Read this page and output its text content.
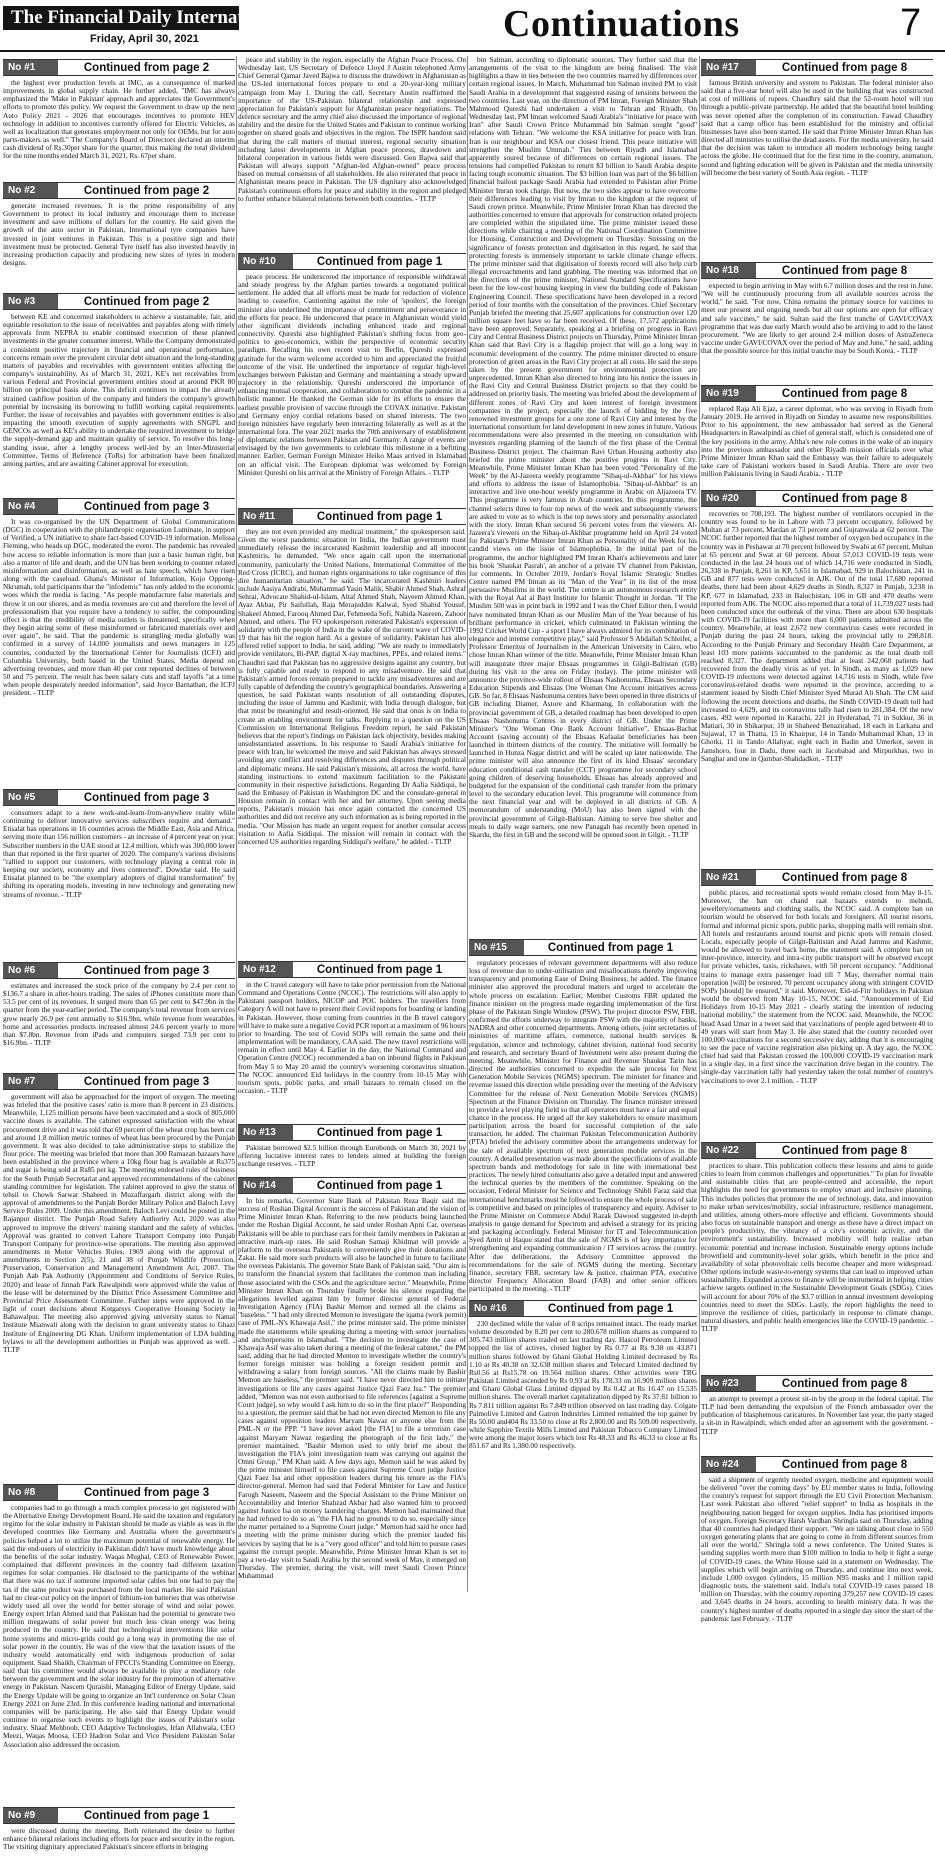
The Financial Daily International
Friday, April 30, 2021	Continuations	7
No #1	Continued from page 2
the highest ever production levels at IMC, as a consequence of marked improvements in global supply chain. He further added, "IMC has always emphasized the 'Make in Pakistan' approach and appreciates the Government's efforts to promote this policy. We request the Government to draw up the next Auto Policy 2021 - 2026 that encourages incentives to promote HEV technology in addition to incentives currently offered for Electric Vehicles, as well as localization that generates employment not only for OEMs, but for auto parts-makers as well." The Company's Board of Directors declared an interim cash dividend of Rs.30per share for the quarter, thus making the total dividend for the nine months ended March 31, 2021, Rs. 67per share.
No #2	Continued from page 2
generate increased revenues. It is the prime responsibility of any Government to protect its local industry and encourage them to increase investment and save millions of dollars for the country. He said given the growth of the auto sector in Pakistan, International tyre companies have invested in joint ventures in Pakistan. This is a positive sign and their investment must be protected. General Tyre itself has also invested heavily in increasing production capacity and producing new sizes of tyres in modern designs.
No #3	Continued from page 2
between KE and concerned stakeholders to achieve a sustainable, fair, and equitable resolution to the issue of receivables and payables along with timely approvals from NEPRA to enable continued execution of these planned investments in the greater consumer interest. While the Company demonstrated a consistent positive trajectory in financial and operational performance, concerns remain over the prevalent circular debt situation and the long-standing matters of payables and receivables with government entities affecting the company's sustainability. As of March 31, 2021, KE's net receivables from various Federal and Provincial government entities stood at around PKR 80 billion on principal basis alone. This deficit continues to impact the already strained cashflow position of the company and hinders the company's growth potential by increasing its borrowing to fulfill working capital requirements. Further, the issue of receivables and payables with government entities is also impacting the smooth execution of supply agreements with SNGPL and GENCOs as well as KE's ability to undertake the required investment to bridge the supply-demand gap and maintain quality of service. To resolve this long-standing issue, after a lengthy process well-led by an Inter-Ministerial Committee, Terms of Reference (ToRs) for arbitration have been finalized among parties, and are awaiting Cabinet approval for execution.
No #4	Continued from page 3
It was co-organised by the UN Department of Global Communications (DGC) in cooperation with the philanthropic organisation Luminate, in support of Verified, a UN initiative to share fact-based COVID-19 information. Melissa Fleming, who heads up DGC, moderated the event. The pandemic has revealed how access to reliable information is more than just a basic human right, but also a matter of life and death, and the UN has been working to counter related misinformation and disinformation, as well as hate speech, which have risen along with the caseload. Ghana's Minister of Information, Kojo Oppong-Nkrumah, told participants that the "infodemic" has only added to the economic woes which the media is facing. "As people manufacture false materials and throw it on our shores, and as media revenues are cut and therefore the level of professionalism that you require have a tendency to suffer, the compounding effect is that the credibility of media outlets is threatened, specifically when they begin airing some of these misinformed or fabricated materials over and over again", he said. That the pandemic is strangling media globally was confirmed in a survey of 14,000 journalists and news managers in 125 countries, conducted by the International Center for Journalists (ICFJ) and Columbia University, both based in the United States. Media depend on advertising revenues, and more than 40 per cent reported declines of between 50 and 75 percent. The result has been salary cuts and staff layoffs "at a time when people desperately needed information", said Joyce Barnathan, the ICFJ president. - TLTP
No #5	Continued from page 3
consumers adapt to a new work-and-learn-from-anywhere reality while continuing to deliver innovative services subscribers require and demand." Etisalat has operations in 16 countries across the Middle East, Asia and Africa, serving more than 156 million customers - an increase of 4 percent year on year. Subscriber numbers in the UAE stood at 12.4 million, which was 300,000 lower than that reported in the first quarter of 2020. The company's various divisions "rallied to support our customers, with technology playing a central role in keeping our society, economy and lives connected", Dowidar said. He said Etisalat planned to be "the exemplary adopters of digital transformation" by shifting its operating models, investing in new technology and generating new streams of revenue. - TLTP
No #6	Continued from page 3
estimates and increased the stock price of the company by 2.4 per cent to $136.7 a share in after-hours trading. The sales of iPhones constitute more than 53.5 per cent of its revenues. It surged more than 65 per cent to $47.9bn in the quarter from the year-earlier period. The company's total revenue from services grew nearly 26.9 per cent annually to $16.9bn, while revenue from wearables, home and accessories products increased almost 24.6 percent yearly to more than $7.8bn. Revenue from iPads and computers surged 73.9 per cent to $16.9bn. - TLTP
No #7	Continued from page 3
government will also be approached for the import of oxygen. The meeting was briefed that the positive cases' ratio is more than 8 percent in 23 districts. Meanwhile, 1,125 million persons have been vaccinated and a stock of 805,000 vaccine doses is available. The cabinet expressed satisfaction with the wheat procurement drive and it was told that 69 percent of the wheat crop has been cut and around 1.8 million metric tonnes of wheat has been procured by the Punjab government. It was also decided to take administrative steps to stabilize the flour price. The meeting was briefed that more than 300 Ramazan bazaars have been established in the province where a 10kg flour bag is available at Rs375 and sugar is being sold at Rs85 per kg. The meeting endorsed rules of business for the South Punjab Secretariat and approved recommendations of the cabinet standing committee for legislation. The cabinet approved to give the status of tehsil to Chowk Sarwar Shaheed in Muzaffargarh district along with the approval of amendments to the Punjab Border Military Police and Baloch Levy Service Rules 2009. Under this amendment, Baloch Levi could be posted in the Rajanpur district. The Punjab Road Safety Authority Act, 2020 was also approved to improve the drivers' training standard and the safety of vehicles. Approval was granted to convert Lahore Transport Company into Punjab Transport Company for province-wise operations. The meeting also approved amendments in Motor Vehicles Rules, 1969 along with the approval of amendments in Section 2(5), 21 and 38 of Punjab Wildlife (Protection, Preservation, Conservation and Management) Amendment Act, 2007. The Punjab Aab Pak Authority (Appointment and Conditions of Service Rules, 2020) and lease of Jinnah Park Rawalpindi were approved while the value of the lease will be determined by the District Price Assessment Committee and Provincial Price Assessment Committee. Further steps were approved in the light of court decisions about Kotgarsys Cooperative Housing Society in Bahawalpur. The meeting also approved giving university status to Namal Institute Mianwali along with the decision to grant university status to Ghazi Institute of Engineering DG Khan. Uniform implementation of LDA building bylaws to all the development authorities in Punjab was approved as well. - TLTP
No #8	Continued from page 3
companies had to go through a much complex process to get registered with the Alternative Energy Development Board. He said the taxation and regulatory regime for the solar industry in Pakistan should be made as viable as was in the developed countries like Germany and Australia where the government's policies helped a lot to utilize the maximum potential of renewable energy. He said the end-users of electricity in Pakistan didn't have much knowledge about the benefits of the solar industry. Waqas Mughal, CEO of Renewable Power, complained that different provinces in the country had different taxation regimes for solar companies. He disclosed to the participants of the webinar that there was no tax if someone imported solar cables but one had to pay the tax if the same product was purchased from the local market. He said Pakistan had no clear-cut policy on the import of lithium-ion batteries that was otherwise widely used all over the world for better storage of wind and solar power. Energy expert Irfan Ahmed said that Pakistan had the potential to generate two million megawatts of solar power but much less clean energy was being produced in the country. He said that technological interventions like solar home systems and micro-grids could go a long way in promoting the use of solar power in the country. He was of the view that the taxation issues of the industry would automatically end with indigenous production of solar equipment. Saad Shaikh, Chairman of FPCCI's Standing Committee on Energy, said that his committee would always be available to play a mediatory role between the government and the solar industry for the promotion of alternative energy in Pakistan. Nascem Quraishi, Managing Editor of Energy Update, said the Energy Update will be going to organize an Int'l conference on Solar Clean Energy 2021 on June 23rd. In this conference leading national and international companies will be participating. He also said that Energy Update would continue to organise such events to highlight the issues of Pakistan's solar industry. Shaaf Mehboob, CEO Adaptive Technologies, Irfan Allahwala, CEO Meezi, Waqas Moosa, CEO Hadron Solar and Vice President Pakistan Solar Association also addressed the occasion.
No #9	Continued from page 1
were discussed during the meeting. Both reiterated the desire to further enhance bilateral relations including efforts for peace and security in the region. The visiting dignitary appreciated Pakistan's sincere efforts in bringing
peace and stability in the region, especially the Afghan Peace Process. On Wednesday last, US Secretary of Defence Lloyd J Austin telephoned Army Chief General Qamar Javed Bajwa to discuss the drawdown in Afghanistan as the US-led international forces prepare to end a 20-year-long military campaign from May 1. During the call, Secretary Austin reaffirmed the importance of the US-Pakistan bilateral relationship and expressed appreciation for Pakistan's support for Afghanistan peace negotiations. The defence secretary and the army chief also discussed the importance of regional stability and the desire for the United States and Pakistan to continue working together on shared goals and objectives in the region. The ISPR handout said that during the call matters of mutual interest, regional security situation including latest developments in Afghan peace process, drawdown and bilateral cooperation in various fields were discussed. Gen Bajwa said that Pakistan will always support "Afghan-led Afghan-owned" peace process based on mutual consensus of all stakeholders. He also reiterated that peace in Afghanistan means peace in Pakistan. The US dignitary also acknowledged Pakistan's continuous efforts for peace and stability in the region and pledged to further enhance bilateral relations between both countries. - TLTP
No #10	Continued from page 1
peace process. He underscored the importance of responsible withdrawal and steady progress by the Afghan parties towards a negotiated political settlement. He added that all efforts must be made for reduction of violence leading to ceasefire. Cautioning against the role of 'spoilers', the foreign minister also underlined the importance of commitment and perseverance in the efforts for peace. He underscored that peace in Afghanistan would yield other significant dividends including enhanced trade and regional connectivity. Qureshi also highlighted Pakistan's shifting focus from geo-politics to geo-economics, within the perspective of economic security paradigm. Recalling his own recent visit to Berlin, Qureshi expressed gratitude for the warm welcome accorded to him and appreciated the fruitful outcome of the visit. He underlined the importance of regular high-level exchanges between Pakistan and Germany and maintaining a steady upward trajectory in the relationship. Qureshi underscored the importance of enhancing mutual cooperation, and collaboration to combat the pandemic in a holistic manner. He thanked the German side for its efforts to ensure the earliest possible provision of vaccine through the COVAX initiative. Pakistan and Germany enjoy cordial relations based on shared interests. The two foreign ministers have regularly been interacting bilaterally as well as at the international fora. The year 2021 marks the 70th anniversary of establishment of diplomatic relations between Pakistan and Germany. A range of events are envisaged by the two governments to celebrate this milestone in a befitting manner. Earlier, German Foreign Minister Heiko Maas arrived in Islamabad on an official visit. The European diplomat was welcomed by Foreign Minister Qureshi on his arrival at the Ministry of Foreign Affairs. - TLTP
No #11	Continued from page 1
they are not even provided any medical treatment," the spokesperson said. Given the worst pandemic situation in India, the Indian government must immediately release the incarcerated Kashmiri leadership and all innocent Kashmiris, he demanded. "We once again call upon the international community, particularly the United Nations, International Committee of the Red Cross (ICRC), and human rights organisations to take cognisance of this dire humanitarian situation," he said. The incarcerated Kashmiri leaders include Aasiya Andrabi, Muhammad Yasin Malik, Shabir Ahmed Shah, Ashraf Sehrai, Advocate Shahid-ul-Islam, Altaf Ahmed Shah, Nayeem Ahmed Khan, Ayaz Akbar, Pir Saifullah, Raja Merajuddin Kalwal, Syed Shahid Yousuf, Shakeel Ahmed, Farooq Ahmed Dar, Fehmeeda Sofi, Nahida Nasreen, Zahoor Ahmed, and others. The FO spokesperson reiterated Pakistan's expression of solidarity with the people of India in the wake of the current wave of COVID-19 that has hit the region hard. As a gesture of solidarity, Pakistan has also offered relief support to India, he said, adding: "We are ready to immediately provide ventilators, Bi-PAP, digital X-ray machines, PPEs, and related items." Chaudhri said that Pakistan has no aggressive designs against any country, but is fully capable and ready to respond to any misadventure. He said that Pakistan's armed forces remain prepared to tackle any misadventures and are fully capable of defending the country's geographical boundaries. Answering a question, he said Pakistan wants resolution of all outstanding disputes, including the issue of Jammu and Kashmir, with India through dialogue, but that must be meaningful and result-oriented. He said that onus is on India to create an enabling environment for talks. Replying to a question on the US Commission on International Religious Freedom report, he said Pakistan believes that the report's findings on Pakistan lack objectivity, besides making unsubstantiated assertions. In his response to Saudi Arabia's initiative for peace with Iran, he welcomed the move and said Pakistan has always stressed avoiding any conflict and resolving differences and disputes through political and diplomatic means. He said Pakistan's missions, all across the world, have standing instructions to extend maximum facilitation to the Pakistani community in their respective jurisdictions. Regarding Dr Aafia Siddiqui, he said the Embassy of Pakistan in Washington DC and the consulate-general in Houston remain in contact with her and her attorney. Upon seeing media reports, Pakistan's mission has once again contacted the concerned US authorities and did not receive any such information as is being reported in the media. "Our Mission has made an urgent request for another consular access visitation to Aafia Siddiqui. The mission will remain in contact with the concerned US authorities regarding Siddiqui's welfare," he added. - TLTP
No #12	Continued from page 1
in the C travel category will have to take prior permission from the National Command and Operations Centre (NCOC). The restrictions will also apply to Pakistani passport holders, NICOP and POC holders. The travellers from Category A will not have to present their Covid reports for boarding or landing in Pakistan. However, those coming from countries in the B travel category will have to make sure a negative Covid PCR report at a maximum of 96 hours prior to boarding. The test of Covid SOPs will remain the same and their implementation will be mandatory, CAA said. The new travel restrictions will remain in effect until May 4. Earlier in the day, the National Command and Operation Centre (NCOC) recommended a ban on inbound flights in Pakistan from May 5 to May 20 amid the country's worsening coronavirus situation. The NCOC announced Eid holidays in the country from 10-15 May with tourism spots, public parks, and small bazaars to remain closed on the occasion. - TLTP
No #13	Continued from page 1
Pakistan borrowed $2.5 billion through Eurobonds on March 30, 2021 by offering lucrative interest rates to lenders aimed at building the foreign exchange reserves. - TLTP
No #14	Continued from page 1
In his remarks, Governor State Bank of Pakistan Reza Baqir said the success of Roshan Digital Account is the success of Pakistan and the vision of Prime Minister Imran Khan. Referring to the new products being launched under the Roshan Digital Account, he said under Roshan Apni Car, overseas Pakistanis will be able to purchase cars for their family members in Pakistan at attractive mark-up rates. He said Roshan Samaji Khidmat will provide a platform to the overseas Pakistanis to conveniently give their donations and Zakat. He said more such products will also be launched in future to facilitate the overseas Pakistanis. The governor State Bank of Pakistan said, "Our aim is to transform the financial system that facilitates the common man including those associated with the CSOs and the agriculture sector." Meanwhile, Prime Minister Imran Khan on Thursday finally broke his silence regarding the allegations levelled against him by former director general of Federal Investigation Agency (FIA) Bashir Memon and termed all the claims as "baseless." "I had only directed Memon to investigate the iqama (work permit) case of PML-N's Khawaja Asif," the prime minister said. The prime minister made the statements while speaking during a meeting with senior journalists and anchorpersons in Islamabad. "The decision to investigate the case of Khawaja Asif was also taken during a meeting of the federal cabinet," the PM said, adding that he had directed Memon to investigate whether the country's former foreign minister was holding a foreign resident permit and withdrawing a salary from foreign sources. "All the claims made by Bashir Memon are baseless," the premier said. "I have never directed him to initiate investigations or file any cases against Justice Qazi Faez Isa." The premier added, "Memon was not even authorised to file references [against a Supreme Court judge], so why would I ask him to do so in the first place?" Responding to a question, the premier said that he had not even directed Memon to file any cases against opposition leaders Maryam Nawaz or anyone else from the PML-N or the PPP. "I have never asked [the FIA] to file a terrorism case against Maryam Nawaz regarding the photograph of the first lady," the premier maintained. "Bashir Memon used to only brief me about the investigation the FIA's joint investigation team was carrying out against the Omni Group," PM Khan said. A few days ago, Memon said he was asked by the prime minister himself to file cases against Supreme Court judge Justice Qazi Faez Isa and other opposition leaders during his tenure as the FIA's director-general. Memon had said that Federal Minister for Law and Justice Farogh Naseem, Naseem and the Special Assistant to the Prime Minister on Accountability and Interior Shahzad Akbar had also wanted him to proceed against Justice Isa on money laundering charges. Memon had maintained that he had refused to do so as "the FIA had no grounds to do so, especially since the matter pertained to a Supreme Court judge." Memon had said he once had a meeting with the prime minister during which the premier lauded his services by saying that he is a "very good officer" and told him to pursue cases against the corrupt people. Meanwhile, Prime Minister Imran Khan is set to pay a two-day visit to Saudi Arabia by the second week of May, it emerged on Thursday. The premier, during the visit, will meet Saudi Crown Prince Muhammad
bin Salman, according to diplomatic sources. They further said that the arrangements of the visit to the kingdom are being finalised. The visit highlights a thaw in ties between the two countries marred by differences over certain regional issues. In March, Muhammad bin Salman invited PM to visit Saudi Arabia in a development that suggested easing of tensions between the two countries. Last year, on the direction of PM Imran, Foreign Minister Shah Mahmood Qureshi had undertaken a visit to Tehran and Riyadh. On Wednesday last, PM Imran welcomed Saudi Arabia's "initiative for peace with Iran" after Saudi Crown Prince Muhammad bin Salman sought "good" relations with Tehran. "We welcome the KSA initiative for peace with Iran. Iran is our neighbour and KSA our closest friend. This peace initiative will strengthen the Muslim Ummah." Ties between Riyadh and Islamabad apparently soured because of differences on certain regional issues. The tensions had compelled Pakistan to return $3 billion to Saudi Arabia despite facing tough economic situation. The $3 billion loan was part of the $6 billion financial bailout package Saudi Arabia had extended to Pakistan after Prime Minister Imran took charge. But now, the two sides appear to have overcome their differences leading to visit by Imran to the kingdom at the request of Saudi crown prince. Meanwhile, Prime Minister Imran Khan has directed the authorities concerned to ensure that approvals for construction related projects are completed within the stipulated time. The prime minister issued these directions while chairing a meeting of the National Coordination Committee for Housing, Construction and Development on Thursday. Stressing on the significance of forests protection and digitisation in this regard, he said that protecting forests is immensely important to tackle climate change effects. The prime minister said that digitisation of forests record will also help curb illegal encroachments and land grabbing. The meeting was informed that on the directions of the prime minister, National Standard Specifications have been for the low-cost housing keeping in view the building code of Pakistan Engineering Council. These specifications have been developed in a record period of four months with the consultation of the provinces. Chief Secretary Punjab briefed the meeting that 25,607 applications for construction over 120 million square feet have so far been received. Of these, 17,572 applications have been approved. Separately, speaking at a briefing on progress in Ravi City and Central Business District projects on Thursday, Prime Minister Imran Khan said that Ravi City is a flagship project that will go a long way in economic development of the country. The prime minister directed to ensure protection of green areas in the Ravi City project at all costs. He said the steps taken by the present government for environmental protection are unprecedented. Imran Khan also directed to bring into his notice the issues in the Ravi City and Central Business District projects so that they could be addressed on priority basis. The meeting was briefed about the development of different zones of Ravi City and keen interest of foreign investment companies in the project, especially the launch of bidding by the five renowned investment groups for a one zone of Ravi City and interest by the international consortium for land development in new zones in future. Various recommendations were also presented in the meeting on consultation with investors regarding planning of the launch of the first phase of the Central Business District project. The chairman Ravi Urban Housing authority also briefed the prime minister about the positive progress in Ravi City. Meanwhile, Prime Minister Imran Khan has been voted "Personality of the Week" by the Al-Jazeera weekly programme "Sibaq-ul-Akhbar" for his views and efforts to address the issue of Islamophobia. "Sibaq-ul-Akhbar" is an interactive and live one-hour weekly programme in Arabic on Aljazeera TV. This programme is very famous in Arab countries. In this programme, the channel selects three to four top news of the week and subsequently viewers are asked to vote as to which is the top news story and personality associated with the story. Imran Khan secured 56 percent votes from the viewers. Al-Jazeera's viewers on the Sibaq-ul-Akhbar programme held on April 24 voted for Pakistan's Prime Minister Imran Khan as Personality of the Week for his candid views on the issue of Islamophobia. In the initial part of the programme, the anchor highlighted PM Imran Khan's achievements and later his book 'Shaukat Pasrah', an anchor of a private TV channel from Pakistan, for comments. In October 2019, Jordan's Royal Islamic Strategic Studies Centre named PM Imran as its "Man of the Year" in its list of the most persuasive Muslims in the world. The centre is an autonomous research entity with the Royal Aal al Bayt Institute for Islamic Thought in Jordan. "If The Muslim 500 was in print back in 1992 and I was the Chief Editor then, I would have nominated Imran Khan as our Muslim Man of the Year because of his brilliant performance in cricket, which culminated in Pakistan winning the 1992 Cricket World Cup - a sport I have always admired for its combination of elegance and intense competitive play," said Professor S Abdallah Schleifer, a Professor Emeritus of Journalism in the American University in Cairo, who chose Imran Khan winner of the title. Meanwhile, Prime Minister Imran Khan will inaugurate three major Ehsaas programmes in Gilgit-Baltistan (GB) during his visit to the area on Friday (today). The prime minister will announce the province-wide rollout of Ehsaas Nashonuma, Ehsaas Secondary Education Stipends and Ehsaas One Woman One Account initiatives across GB. So far, 8 Ehsaas Nashonuma centres have been opened in three districts of GB including Diamer, Astore and Kharmang. In collaboration with the provincial government of GB, a detailed roadmap has been developed to open Ehsaas Nashonuma Centres in every district of GB. Under the Prime Minister's "One Woman One Bank Account Initiative", Ehsaas-Bachat Account (saving account) of the Ehsaas Kafaalat beneficiaries has been launched in thirteen districts of the country. The initiative will formally be launched in Hunza Nagar district and will be scaled up later nationwide. The prime minister will also announce the first of its kind Ehsaas' secondary education conditional cash transfer (CCT) programme for secondary school going children of deserving households. Ehsaas has already approved and budgeted for the expansion of the conditional cash transfer from the primary level to the secondary education level. This programme will commence from the next financial year and will be deployed in all districts of GB. A memorandum of understanding (MoU) has also been signed with the provincial government of Gilgit-Baltistan. Aiming to serve free shelter and meals to daily wage earners, one new Panagah has recently been opened in Skardu, the first in GB and the second will be opened soon in Gilgit. - TLTP
No #15	Continued from page 1
regulatory processes of relevant government departments will also reduce loss of revenue due to under-utilisation and misallocations thereby improving transparency and promoting Ease of Doing Business, he added. The finance minister also approved the procedural matters and urged to accelerate the whole process on escalation. Earlier, Member Customs FBR updated the finance minister on the progress made regarding implementation of the first phase of the Pakistan Single Window (PSW). The project director PSW, FBR, confirmed the efforts underway to integrate PSW with the majority of banks, NADRA and other concerned departments. Among others, joint secretaries of ministries of maritime affairs, commerce, national health services & regulation, science and technology, cabinet division, national food security and research, and secretary Board of Investment were also present during the meeting. Meanwhile, Minister for Finance and Revenue Shaukat Tarin has directed the authorities concerned to expedite the sale process for Next Generation Mobile Services (NGMS) spectrum. The minister for finance and revenue issued this direction while presiding over the meeting of the Advisory Committee for the release of Next Generation Mobile Services (NGMS) Spectrum at the Finance Division on Thursday. The finance minister stressed to provide a level playing field so that all operators must have a fair and equal chance in the process. He urged all the key stakeholders to ensure maximum participation across the board for successful completion of the sale transaction, he added. The chairman Pakistan Telecommunication Authority (PTA) briefed the advisory committee about the arrangements underway for the sale of available spectrum of next generation mobile services in the country. A detailed presentation was made about the specifications of available spectrum bands and methodology for sale in line with international best practices. The newly hired consultants also gave a detailed input and answered the technical queries by the members of the committee. Speaking on the occasion, Federal Minister for Science and Technology Shibli Faraz said that international benchmarks must be followed to ensure the whole process of sale is competitive and based on principles of transparency and equity. Adviser to the Prime Minister on Commerce Abdul Razak Dawood suggested in-depth analysis to gauge demand for Spectrum and advised a strategy for its pricing and packaging accordingly. Federal Minister for IT and Telecommunication Syed Amin ul Haque stated that the sale of NGMS is of key importance for strengthening and expanding communication / IT services across the country. After due deliberations, the Advisory Committee approved the recommendations for the sale of NGMS during the meeting. Secretary finance, secretary FBR, secretary law & justice, chairman PTA, executive director Frequency Allocation Board (FAB) and other senior officers participated in the meeting. - TLTP
No #16	Continued from page 1
230 declined while the value of 8 scrips remained intact. The ready market volume descended by 8.20 per cent to 280.678 million shares as compared to 305.743 million shares traded on last trading day. Hascol Petroleum Limited topped the list of actives, closed higher by Rs 0.77 at Rs 9.38 on 43.871 million shares followed by Ghani Global Holding Limited decreased by Rs 1.10 at Rs 40.38 on 32.638 million shares and Telecard Limited declined by Rs0.56 at Rs15.78 on 19.564 million shares. Other activities were TRG Pakistan Limited ascended by Rs 0.93 at Rs 178.33 on 16.909 million shares and Ghani Global Glass Limited dipped by Rs 0.42 at Rs 16.47 on 15.535 million shares. The overall market capitalization dipped by Rs 37.81 billion to Rs 7.811 trillion against Rs 7.849 trillion observed on last trading day. Colgate Palmolive Limited and Gatron Industries Limited remained the top gainer by Rs 50.00 and404 Rs 33.50 to close at Rs 2,800.00 and Rs 509.00 respectively, while Sapphire Textile Mills Limited and Pakistan Tobacco Company Limited were among the major losers which lost Rs 48.33 and Rs 46.33 to close at Rs 851.67 and Rs 1,380.00 respectively.
No #17	Continued from page 8
famous British university and system to Pakistan. The federal minister also said that a five-star hotel will also be used in the building that was constructed at cost of millions of rupees. Chaudhry said that the 52-room hotel will run through a public-private partnership. He added that the beautiful hotel building was never opened after the completion of its construction. Fawad Chaudhry said that a camp office has been established for the ministry and official businesses have also been started. He said that Prime Minister Imran Khan has directed all ministries to utilise the dead assets. For the media university, he said that the decision was taken to introduce all modern technology being taught across the globe. He continued that for the first time in the country, animation, sound and lighting education will be given in Pakistan and the media university will become the best variety of South Asia region. - TLTP
No #18	Continued from page 8
expected to begin arriving in May with 6.7 million doses and the rest in June. "We will be continuously procuring from all available sources across the world," he said. "For now, China remains the primary source for vaccines to meet our present and ongoing needs but all our options are open for efficacy and safe vaccines," he said. Sultan said the first tranche of GAVI/COVAX programme that was due early March would also be arriving to add to the latest procurement. "We are likely to get around 2.4 million doses of AstraZeneca vaccine under GAVI/COVAX over the period of May and June," he said, adding that the possible source for this initial tranche may be South Korea. - TLTP
No #19	Continued from page 8
replaced Raja Ali Ejaz, a career diplomat, who was serving in Riyadh from January 2019. He arrived in Riyadh on Sunday to assume new responsibilities. Prior to his appointment, the new ambassador had served as the General Headquarters in Rawalpindi as chief of general staff, which is considered one of the key positions in the army. Aftha's new role comes in the wake of an inquiry into the previous ambassador and other Riyadh mission officials over what Prime Minister Imran Khan said the Embassy was their failure to adequately take care of Pakistani workers based in Saudi Arabia. There are over two million Pakistanis living in Saudi Arabia. - TLTP
No #20	Continued from page 8
recoveries to 708,193. The highest number of ventilators occupied in the country was found to be in Lahore with 73 percent occupancy, followed by Multan at 73 percent, Mardan at 73 percent and Gujranwala at 62 percent. The NCOC further reported that the highest number of oxygen bed occupancy in the country was in Peshawar at 70 percent followed by Swabi at 67 percent, Multan at 65 percent and Swat at 60 percent. About 57,013 COVID-19 tests were conducted in the last 24 hours out of which 14,716 were conducted in Sindh, 26,338 in Punjab, 8,261 in KP, 5,651 in Islamabad, 929 in Balochistan, 241 in GB and 877 tests were conducted in AJK. Out of the total 17,680 reported deaths, there had been about 4,629 deaths in Sindh, 8,327 in Punjab, 3,238 in KP, 677 in Islamabad, 233 in Balochistan, 106 in GB and 470 deaths were reported from AJK. The NCOC also reported that a total of 11,739,027 tests had been conducted since the outbreak of the virus. There are about 630 hospitals with COVID-19 facilities with more than 6,000 patients admitted across the country. Meanwhile, at least 2,672 new coronavirus cases were recorded in Punjab during the past 24 hours, taking the provincial tally to 298,818. According to the Punjab Primary and Secondary Health Care Department, at least 103 more patients succumbed to the pandemic as the total death toll reached 8,327. The department added that at least 242,068 patients had recovered from the deadly virus as of yet. In Sindh, as many as 1,029 new COVID-19 infections were detected against 14,716 tests in Sindh, while five coronavirus-related deaths were reported in the province, according to a statement issued by Sindh Chief Minister Syed Murad Ali Shah. The CM said following the recent detections and deaths, the Sindh COVID-19 death toll had increased to 4,629, and its coronavirus tally had risen to 281,384. Of the new cases, 492 were reported in Karachi, 221 in Hyderabad, 71 in Sukkur, 36 in Matiari, 30 in Shikarpur, 19 in Shaheed Benazirabad, 18 each in Larkana and Sujawal, 17 in Thatta, 15 in Khairpur, 14 in Tando Muhammad Khan, 13 in Ghotki, 11 in Tando Allahyar, eight each in Badin and Umerkot, seven in Jamshoro, four in Dadu, three each in Jacobabad and Mirpurkhas, two in Sanghar and one in Qambar-Shahdadkot. - TLTP
No #21	Continued from page 8
public places, and recreational spots would remain closed from May 8-15. Moreover, the ban on chand raat bazaars extends to mehndi, jewellery/ornaments and clothing stalls, the NCOC said. A complete ban on tourism would be observed for both locals and foreigners. All tourist resorts, formal and informal picnic spots, public parks, shopping malls will remain shut. All hotels and restaurants around tourist and picnic spots will remain closed. Locals, especially people of Gilgit-Baltistan and Azad Jammu and Kashmir, would be allowed to travel back home, the statement said. A complete ban on inter-province, intercity, and intra-city public transport will be observed except for private vehicles, taxis, rickshaws, with 50 percent occupancy. "Additional trains to manage extra passenger load till 7 May, thereafter normal train operation [will] be restored. 70 percent occupancy along with stringent COVID SOPs [should] be ensured," it said. Moreover, Eid-ul-Fitr holidays in Pakistan would be observed from May 10-15, NCOC said. "Announcement of Eid Holidays from 10-15 May 2021 - clearly stating the intention of reducing national mobility," the statement from the NCOC said. Meanwhile, the NCOC head Asad Umar in a tweet said that vaccinations of people aged between 40 to 49 years will start from May 3. He also stated that the country recorded over 100,000 vaccinations for a second successive day, adding that it is encouraging to see the pace of vaccine registration also picking up. A day ago, the NCOC chief had said that Pakistan crossed the 100,000 COVID-19 vaccination mark in a single day, in a first since the vaccination drive began in the country. The single-day vaccination tally had yesterday taken the total number of country's vaccinations to over 2.1 million. - TLTP
No #22	Continued from page 8
practices to share. This publication collects these lessons and aims to guide cities to learn from common challenges and opportunities." To plan for liveable and sustainable cities that are people-centred and accessible, the report highlights the need for governments to employ smart and inclusive planning. This includes policies that promote the use of technology, data, and innovation to make urban services/mobility, social infrastructure, resilience management, and utilities, among others-more effective and efficient. Governments should also focus on sustainable transport and energy as these have a direct impact on people's productivity, the vibrancy of a city's economic activity, and the environment's sustainability. Increased mobility will help realise urban economic potential and increase inclusion. Sustainable energy options include brownfield and community-level solar grids, which benefit in the price and availability of solar photovoltaic cells become cheaper and more widespread. Other options include waste-to-energy systems that can lead to improved urban sustainability. Expanded access to finance will be instrumental in helping cities achieve targets outlined in the Sustainable Development Goals (SDGs). Cities will account for about 70% of the $3.7 trillion in annual investment developing countries need to meet the SDGs. Lastly, the report highlights the need to improve the resilience of cities, particularly in response to climate change, natural disasters, and public health emergencies like the COVID-19 pandemic. - TLTP
No #23	Continued from page 8
an attempt to preempt a protest sit-in by the group in the federal capital. The TLP had been demanding the expulsion of the French ambassador over the publication of blasphemous caricatures. In November last year, the party staged a sit-in in Rawalpindi, which ended after an agreement with the government. - TLTP
No #24	Continued from page 8
said a shipment of urgently needed oxygen, medicine and equipment would be delivered "over the coming days" by EU member states to India, following the country's request for support through the EU Civil Protection Mechanism. Last week Pakistan also offered "relief support" to India as hospitals in the neighbouring nation begged for oxygen supplies. India has prioritised imports of oxygen, Foreign Secretary Harsh Vardhan Shringla said on Thursday, adding that 40 countries had pledged their support. "We are talking about close to 550 oxygen generating plants that are going to come in from different sources from all over the world," Shringla told a news conference. The United States is sending supplies worth more than $100 million to India to help it fight a surge of COVID-19 cases, the White House said in a statement on Wednesday. The supplies which will begin arriving on Thursday, and continue into next week, include 1,000 oxygen cylinders, 15 million N95 masks and 1 million rapid diagnostic tests, the statement said. India's total COVID-19 cases passed 18 million on Thursday, with the country reporting 379,257 new COVID-19 cases and 3,645 deaths in 24 hours, according to health ministry data. It was the country's highest number of deaths reported in a single day since the start of the pandemic last February. - TLTP
